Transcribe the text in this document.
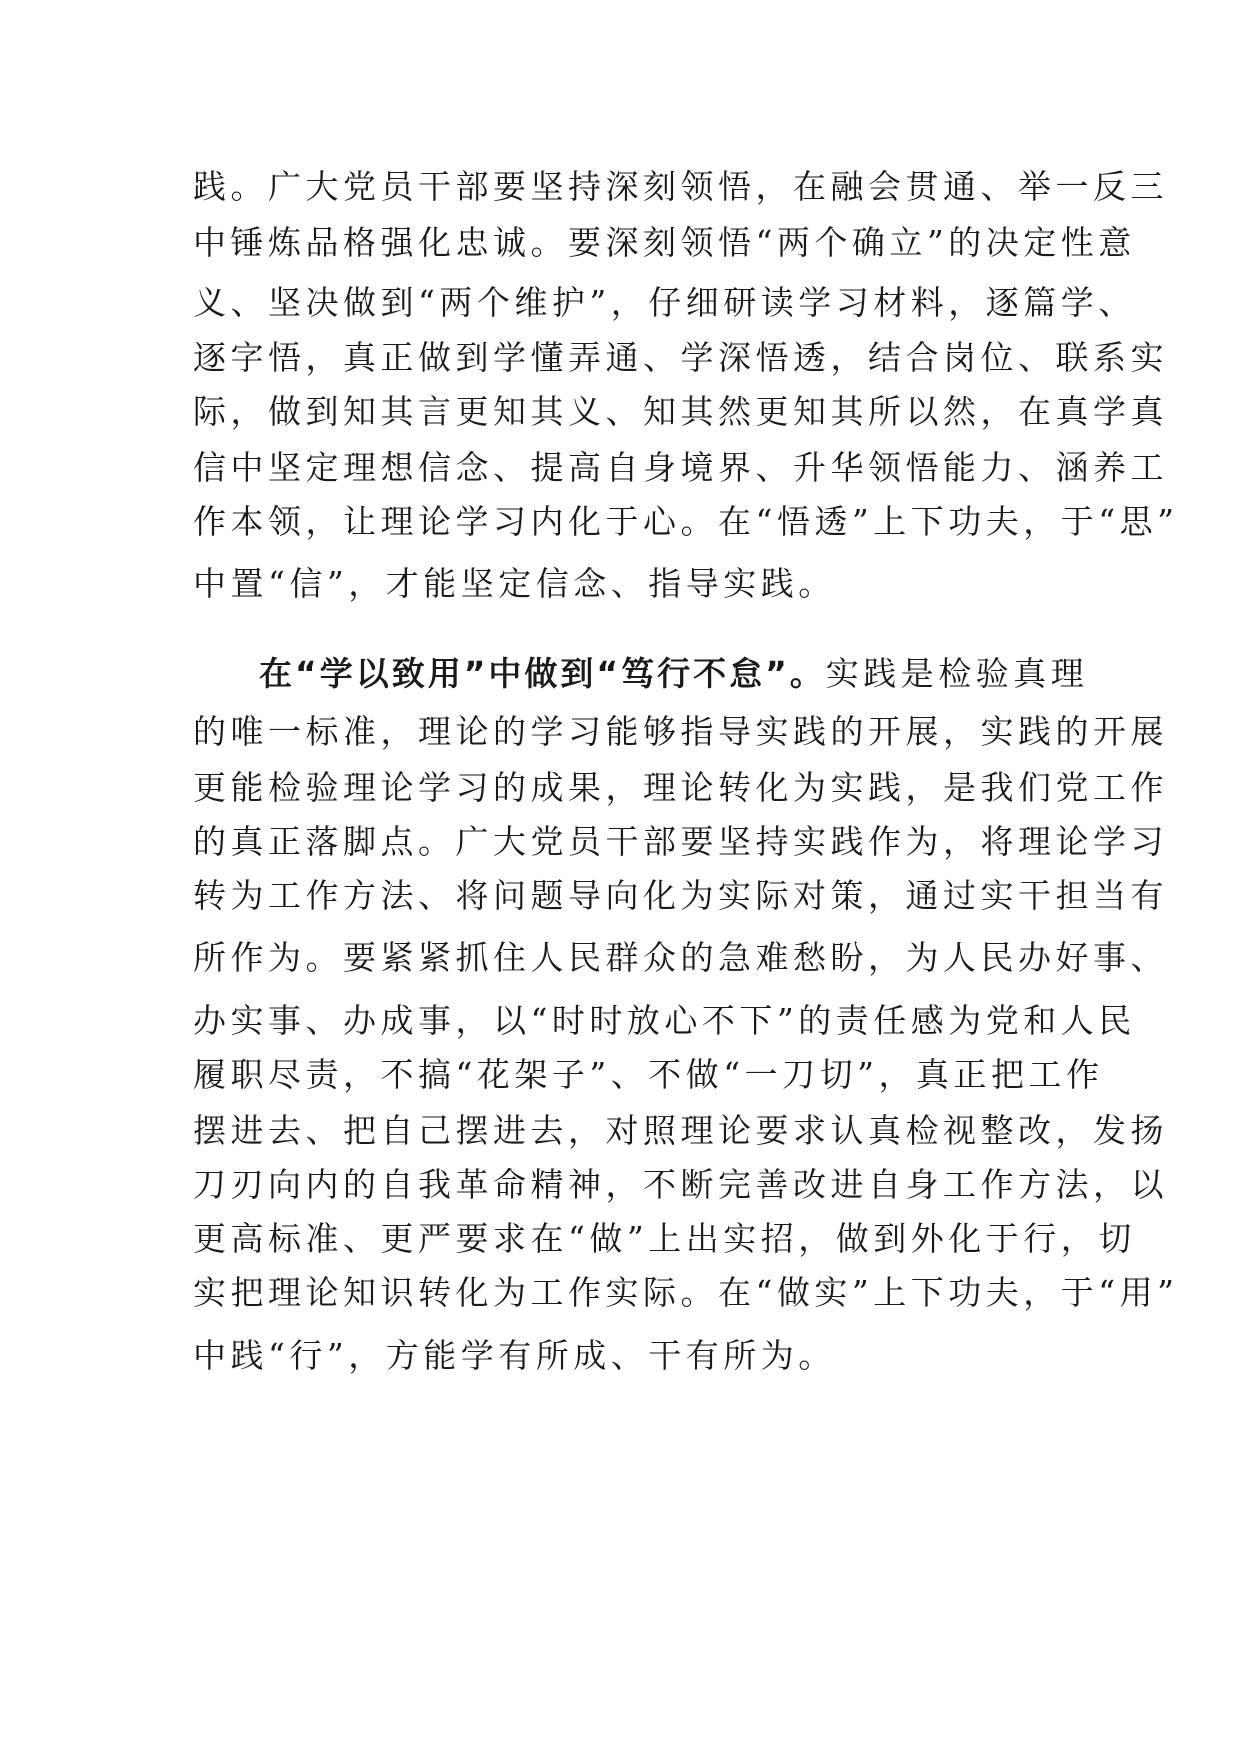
践。广大党员干部要坚持深刻领悟，在融会贯通、举一反三
中锤炼品格强化忠诚。要深刻领悟“两个确立”的决定性意
义、坚决做到“两个维护”，仔细研读学习材料，逐篇学、
逐字悟，真正做到学懂弄通、学深悟透，结合岗位、联系实
际，做到知其言更知其义、知其然更知其所以然，在真学真
信中坚定理想信念、提高自身境界、升华领悟能力、涵养工
作本领，让理论学习内化于心。在“悟透”上下功夫，于“思”
中置“信”，才能坚定信念、指导实践。
在“学以致用”中做到“笃行不怠”。实践是检验真理
的唯一标准，理论的学习能够指导实践的开展，实践的开展
更能检验理论学习的成果，理论转化为实践，是我们党工作
的真正落脚点。广大党员干部要坚持实践作为，将理论学习
转为工作方法、将问题导向化为实际对策，通过实干担当有
所作为。要紧紧抓住人民群众的急难愁盼，为人民办好事、
办实事、办成事，以“时时放心不下”的责任感为党和人民
履职尽责，不搞“花架子”、不做“一刀切”，真正把工作
摆进去、把自己摆进去，对照理论要求认真检视整改，发扬
刀刃向内的自我革命精神，不断完善改进自身工作方法，以
更高标准、更严要求在“做”上出实招，做到外化于行，切
实把理论知识转化为工作实际。在“做实”上下功夫，于“用”
中践“行”，方能学有所成、干有所为。
